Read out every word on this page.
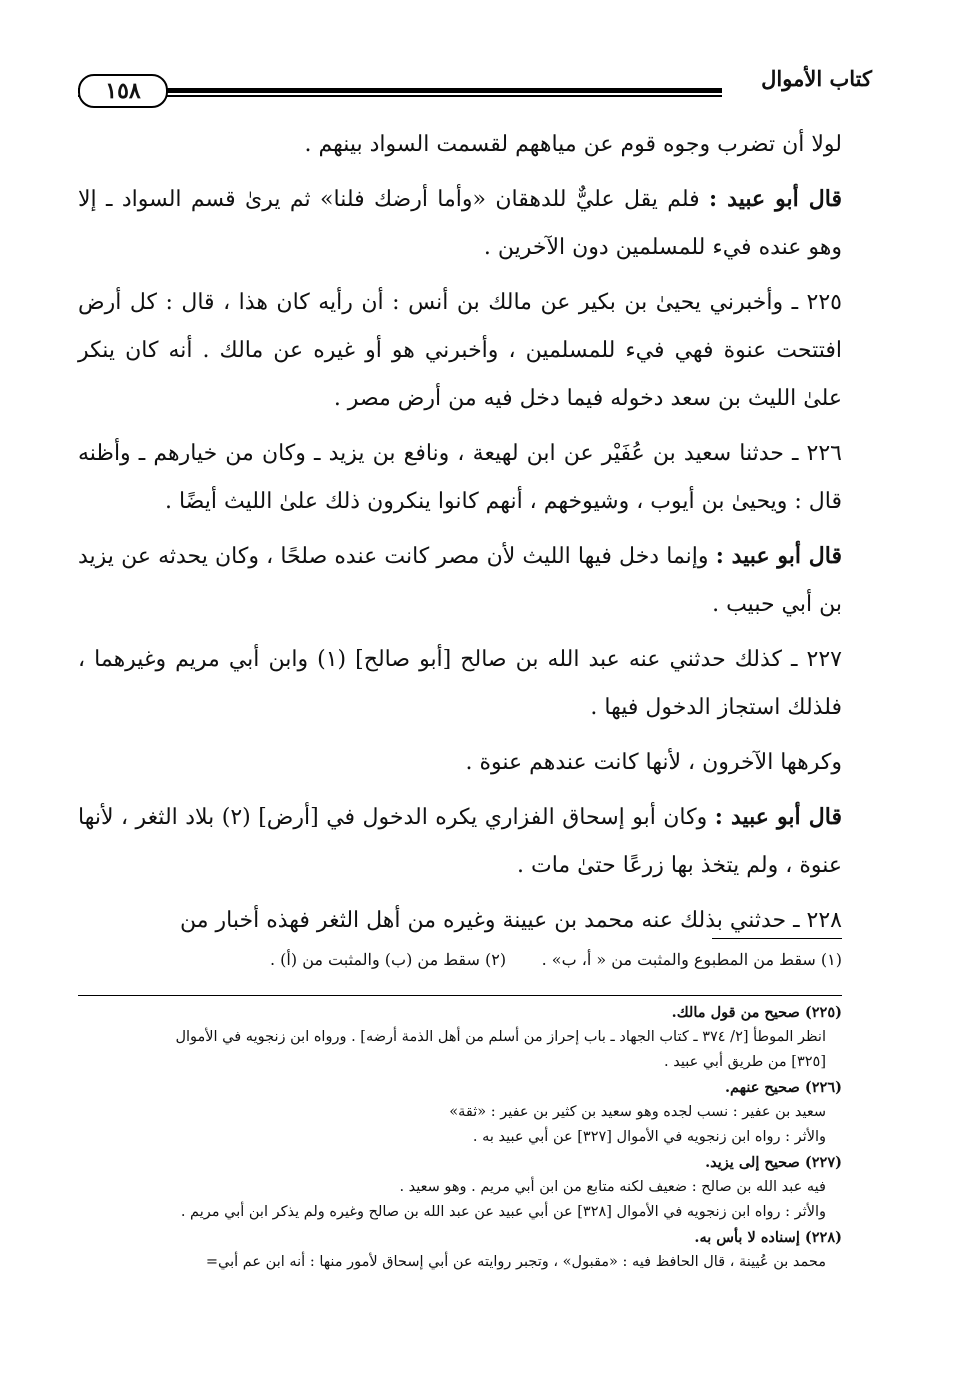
كتاب الأموال
١٥٨

لولا أن تضرب وجوه قوم عن مياههم لقسمت السواد بينهم .

قال أبو عبيد : فلم يقل عليٌّ للدهقان «وأما أرضك فلنا» ثم يرىٰ قسم السواد ـ إلا وهو عنده فيء للمسلمين دون الآخرين .

٢٢٥ ـ وأخبرني يحيىٰ بن بكير عن مالك بن أنس : أن رأيه كان هذا ، قال : كل أرض افتتحت عنوة فهي فيء للمسلمين ، وأخبرني هو أو غيره عن مالك . أنه كان ينكر علىٰ الليث بن سعد دخوله فيما دخل فيه من أرض مصر .

٢٢٦ ـ حدثنا سعيد بن عُفَيْر عن ابن لهيعة ، ونافع بن يزيد ـ وكان من خيارهم ـ وأظنه قال : ويحيىٰ بن أيوب ، وشيوخهم ، أنهم كانوا ينكرون ذلك علىٰ الليث أيضًا .

قال أبو عبيد : وإنما دخل فيها الليث لأن مصر كانت عنده صلحًا ، وكان يحدثه عن يزيد بن أبي حبيب .

٢٢٧ ـ كذلك حدثني عنه عبد الله بن صالح [أبو صالح] (١) وابن أبي مريم وغيرهما ، فلذلك استجاز الدخول فيها .

وكرهها الآخرون ، لأنها كانت عندهم عنوة .

قال أبو عبيد : وكان أبو إسحاق الفزاري يكره الدخول في [أرض] (٢) بلاد الثغر ، لأنها عنوة ، ولم يتخذ بها زرعًا حتىٰ مات .

٢٢٨ ـ حدثني بذلك عنه محمد بن عيينة وغيره من أهل الثغر فهذه أخبار من

(١) سقط من المطبوع والمثبت من « أ، ب» .
(٢) سقط من (ب) والمثبت من (أ) .

(٢٢٥) صحيح من قول مالك.

انظر الموطأ [٢/ ٣٧٤ ـ كتاب الجهاد ـ باب إحراز من أسلم من أهل الذمة أرضه] . ورواه ابن زنجويه في الأموال

[٣٢٥] من طريق أبي عبيد .

(٢٢٦) صحيح عنهم.

سعيد بن عفير : نسب لجده وهو سعيد بن كثير بن عفير : «ثقة»

والأثر : رواه ابن زنجويه في الأموال [٣٢٧] عن أبي عبيد به .

(٢٢٧) صحيح إلى يزيد.

فيه عبد الله بن صالح : ضعيف لكنه متابع من ابن أبي مريم . وهو سعيد .

والأثر : رواه ابن زنجويه في الأموال [٣٢٨] عن أبي عبيد عن عبد الله بن صالح وغيره ولم يذكر ابن أبي مريم .

(٢٢٨) إسناده لا بأس به.

محمد بن عُيينة ، قال الحافظ فيه : «مقبول» ، وتجبر روايته عن أبي إسحاق لأمور منها : أنه ابن عم أبي=
